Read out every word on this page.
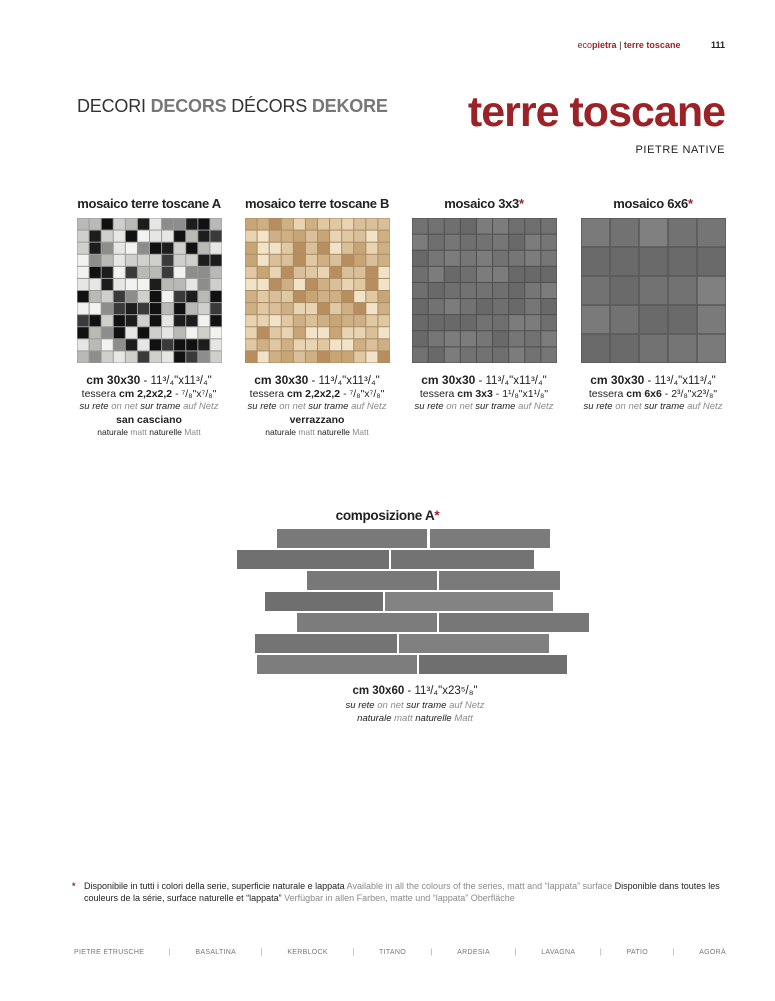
ecopietra | terre toscane	111
DECORI DECORS DÉCORS DEKORE terre toscane
PIETRE NATIVE
mosaico terre toscane A
cm 30x30 - 11³/₄"x11³/₄"
tessera cm 2,2x2,2 - ⁷/₈"x⁷/₈"
su rete on net sur trame auf Netz
san casciano
naturale matt naturelle Matt
mosaico terre toscane B
cm 30x30 - 11³/₄"x11³/₄"
tessera cm 2,2x2,2 - ⁷/₈"x⁷/₈"
su rete on net sur trame auf Netz
verrazzano
naturale matt naturelle Matt
mosaico 3x3*
cm 30x30 - 11³/₄"x11³/₄"
tessera cm 3x3 - 1¹/₈"x1¹/₈"
su rete on net sur trame auf Netz
mosaico 6x6*
cm 30x30 - 11³/₄"x11³/₄"
tessera cm 6x6 - 2³/₈"x2³/₈"
su rete on net sur trame auf Netz
composizione A*
cm 30x60 - 11³/₄"x23⁵/₈"
su rete on net sur trame auf Netz
naturale matt naturelle Matt
* Disponibile in tutti i colori della serie, superficie naturale e lappata Available in all the colours of the series, matt and “lappata” surface Disponible dans toutes les couleurs de la série, surface naturelle et “lappata” Verfügbar in allen Farben, matte und “lappata” Oberfläche
PIETRE ETRUSCHE	|	BASALTINA	|	KERBLOCK	|	TITANO	|	ARDESIA	|	LAVAGNA	|	PATIO	|	AGORÀ
